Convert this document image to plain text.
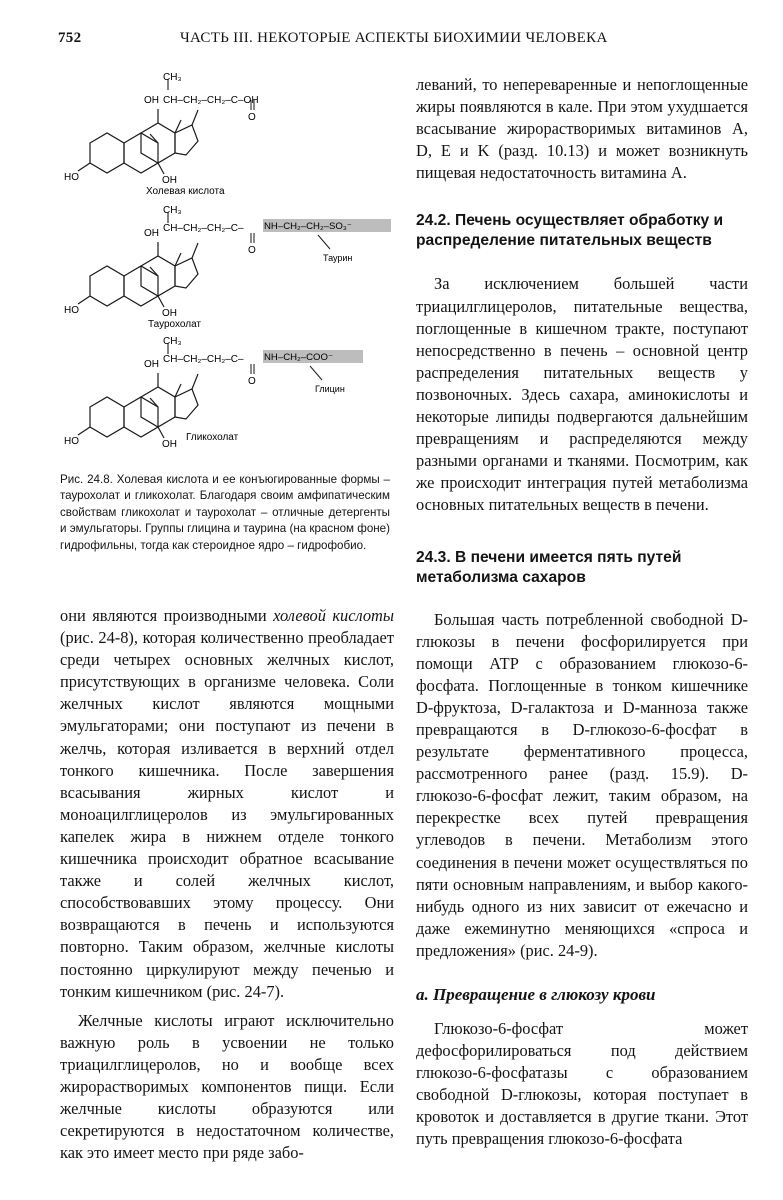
752	ЧАСТЬ III. НЕКОТОРЫЕ АСПЕКТЫ БИОХИМИИ ЧЕЛОВЕКА
CH₃
OH CH–CH₂–CH₂–C–OH
O
HO	OH
Холевая кислота
CH₃
OH CH–CH₂–CH₂–C– NH–CH₂–CH₂–SO₃⁻
O
Таурин
HO	OH
Таурохолат
CH₃
OH CH–CH₂–CH₂–C– NH–CH₂–COO⁻
O
Глицин
HO	OH
Гликохолат
Рис. 24.8. Холевая кислота и ее конъюгированные формы – таурохолат и гликохолат. Благодаря своим амфипатическим свойствам гликохолат и таурохолат – отличные детергенты и эмульгаторы. Группы глицина и таурина (на красном фоне) гидрофильны, тогда как стероидное ядро – гидрофобио.

они являются производными холевой кислоты (рис. 24-8), которая количественно преобладает среди четырех основных желчных кислот, присутствующих в организме человека. Соли желчных кислот являются мощными эмульгаторами; они поступают из печени в желчь, которая изливается в верхний отдел тонкого кишечника. После завершения всасывания жирных кислот и моноацилглицеролов из эмульгированных капелек жира в нижнем отделе тонкого кишечника происходит обратное всасывание также и солей желчных кислот, способствовавших этому процессу. Они возвращаются в печень и используются повторно. Таким образом, желчные кислоты постоянно циркулируют между печенью и тонким кишечником (рис. 24-7).

Желчные кислоты играют исключительно важную роль в усвоении не только триацилглицеролов, но и вообще всех жирорастворимых компонентов пищи. Если желчные кислоты образуются или секретируются в недостаточном количестве, как это имеет место при ряде забо-

леваний, то непереваренные и непоглощенные жиры появляются в кале. При этом ухудшается всасывание жирорастворимых витаминов A, D, E и K (разд. 10.13) и может возникнуть пищевая недостаточность витамина A.

24.2. Печень осуществляет обработку и распределение питательных веществ

За исключением большей части триацилглицеролов, питательные вещества, поглощенные в кишечном тракте, поступают непосредственно в печень – основной центр распределения питательных веществ у позвоночных. Здесь сахара, аминокислоты и некоторые липиды подвергаются дальнейшим превращениям и распределяются между разными органами и тканями. Посмотрим, как же происходит интеграция путей метаболизма основных питательных веществ в печени.

24.3. В печени имеется пять путей метаболизма сахаров

Большая часть потребленной свободной D-глюкозы в печени фосфорилируется при помощи АТР с образованием глюкозо-6-фосфата. Поглощенные в тонком кишечнике D-фруктоза, D-галактоза и D-манноза также превращаются в D-глюкозо-6-фосфат в результате ферментативного процесса, рассмотренного ранее (разд. 15.9). D-глюкозо-6-фосфат лежит, таким образом, на перекрестке всех путей превращения углеводов в печени. Метаболизм этого соединения в печени может осуществляться по пяти основным направлениям, и выбор какого-нибудь одного из них зависит от ежечасно и даже ежеминутно меняющихся «спроса и предложения» (рис. 24-9).

а. Превращение в глюкозу крови

Глюкозо-6-фосфат может дефосфорилироваться под действием глюкозо-6-фосфатазы с образованием свободной D-глюкозы, которая поступает в кровоток и доставляется в другие ткани. Этот путь превращения глюкозо-6-фосфата
